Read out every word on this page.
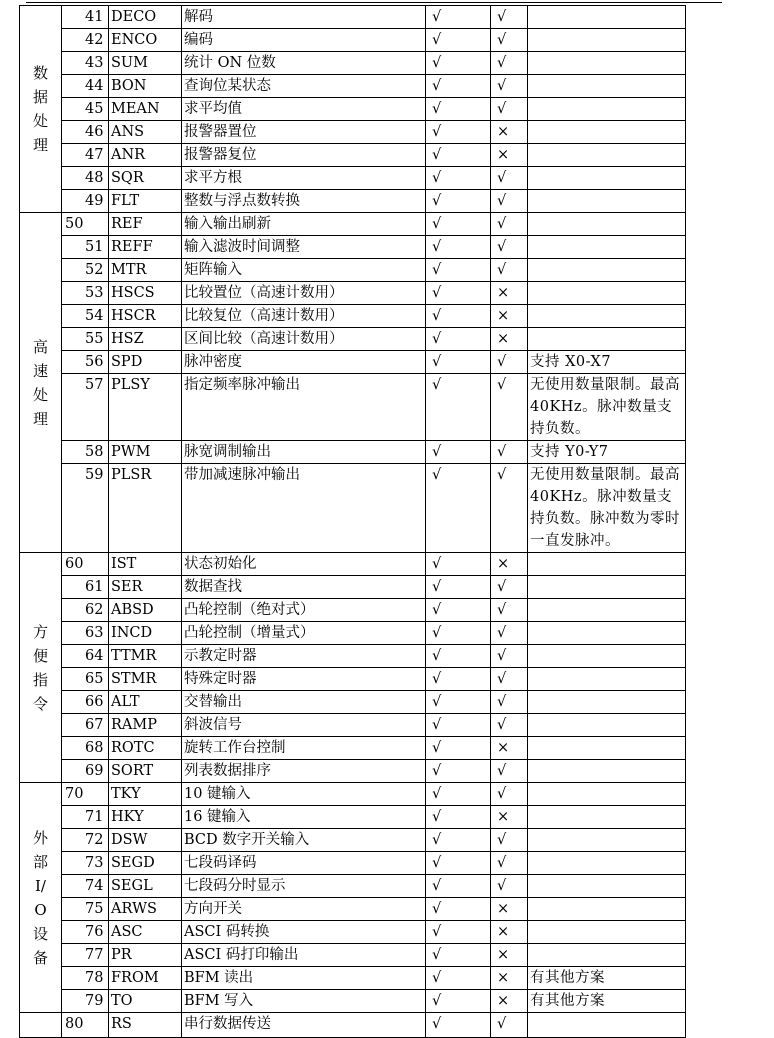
数据处理	41	DECO	解码	√	√	
	42	ENCO	编码	√	√	
	43	SUM	统计 ON 位数	√	√	
	44	BON	查询位某状态	√	√	
	45	MEAN	求平均值	√	√	
	46	ANS	报警器置位	√	×	
	47	ANR	报警器复位	√	×	
	48	SQR	求平方根	√	√	
	49	FLT	整数与浮点数转换	√	√	
高速处理	50	REF	输入输出刷新	√	√	
	51	REFF	输入滤波时间调整	√	√	
	52	MTR	矩阵输入	√	√	
	53	HSCS	比较置位（高速计数用）	√	×	
	54	HSCR	比较复位（高速计数用）	√	×	
	55	HSZ	区间比较（高速计数用）	√	×	
	56	SPD	脉冲密度	√	√	支持 X0-X7
	57	PLSY	指定频率脉冲输出	√	√	无使用数量限制。最高 40KHz。脉冲数量支持负数。
	58	PWM	脉宽调制输出	√	√	支持 Y0-Y7
	59	PLSR	带加减速脉冲输出	√	√	无使用数量限制。最高 40KHz。脉冲数量支持负数。脉冲数为零时一直发脉冲。
方便指令	60	IST	状态初始化	√	×	
	61	SER	数据查找	√	√	
	62	ABSD	凸轮控制（绝对式）	√	√	
	63	INCD	凸轮控制（增量式）	√	√	
	64	TTMR	示教定时器	√	√	
	65	STMR	特殊定时器	√	√	
	66	ALT	交替输出	√	√	
	67	RAMP	斜波信号	√	√	
	68	ROTC	旋转工作台控制	√	×	
	69	SORT	列表数据排序	√	√	
外部I/O设备	70	TKY	10 键输入	√	√	
	71	HKY	16 键输入	√	×	
	72	DSW	BCD 数字开关输入	√	√	
	73	SEGD	七段码译码	√	√	
	74	SEGL	七段码分时显示	√	√	
	75	ARWS	方向开关	√	×	
	76	ASC	ASCI 码转换	√	×	
	77	PR	ASCI 码打印输出	√	×	
	78	FROM	BFM 读出	√	×	有其他方案
	79	TO	BFM 写入	√	×	有其他方案
	80	RS	串行数据传送	√	√	
